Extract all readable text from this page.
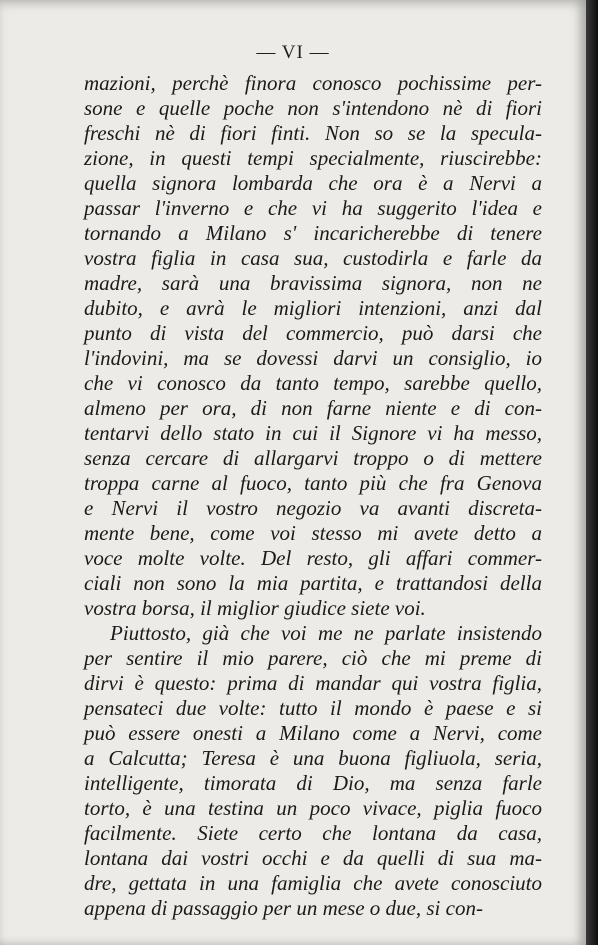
— VI —
mazioni, perchè finora conosco pochissime per-
sone e quelle poche non s'intendono nè di fiori
freschi nè di fiori finti. Non so se la specula-
zione, in questi tempi specialmente, riuscirebbe:
quella signora lombarda che ora è a Nervi a
passar l'inverno e che vi ha suggerito l'idea e
tornando a Milano s' incaricherebbe di tenere
vostra figlia in casa sua, custodirla e farle da
madre, sarà una bravissima signora, non ne
dubito, e avrà le migliori intenzioni, anzi dal
punto di vista del commercio, può darsi che
l'indovini, ma se dovessi darvi un consiglio, io
che vi conosco da tanto tempo, sarebbe quello,
almeno per ora, di non farne niente e di con-
tentarvi dello stato in cui il Signore vi ha messo,
senza cercare di allargarvi troppo o di mettere
troppa carne al fuoco, tanto più che fra Genova
e Nervi il vostro negozio va avanti discreta-
mente bene, come voi stesso mi avete detto a
voce molte volte. Del resto, gli affari commer-
ciali non sono la mia partita, e trattandosi della
vostra borsa, il miglior giudice siete voi.
Piuttosto, già che voi me ne parlate insistendo
per sentire il mio parere, ciò che mi preme di
dirvi è questo: prima di mandar qui vostra figlia,
pensateci due volte: tutto il mondo è paese e si
può essere onesti a Milano come a Nervi, come
a Calcutta; Teresa è una buona figliuola, seria,
intelligente, timorata di Dio, ma senza farle
torto, è una testina un poco vivace, piglia fuoco
facilmente. Siete certo che lontana da casa,
lontana dai vostri occhi e da quelli di sua ma-
dre, gettata in una famiglia che avete conosciuto
appena di passaggio per un mese o due, si con-
